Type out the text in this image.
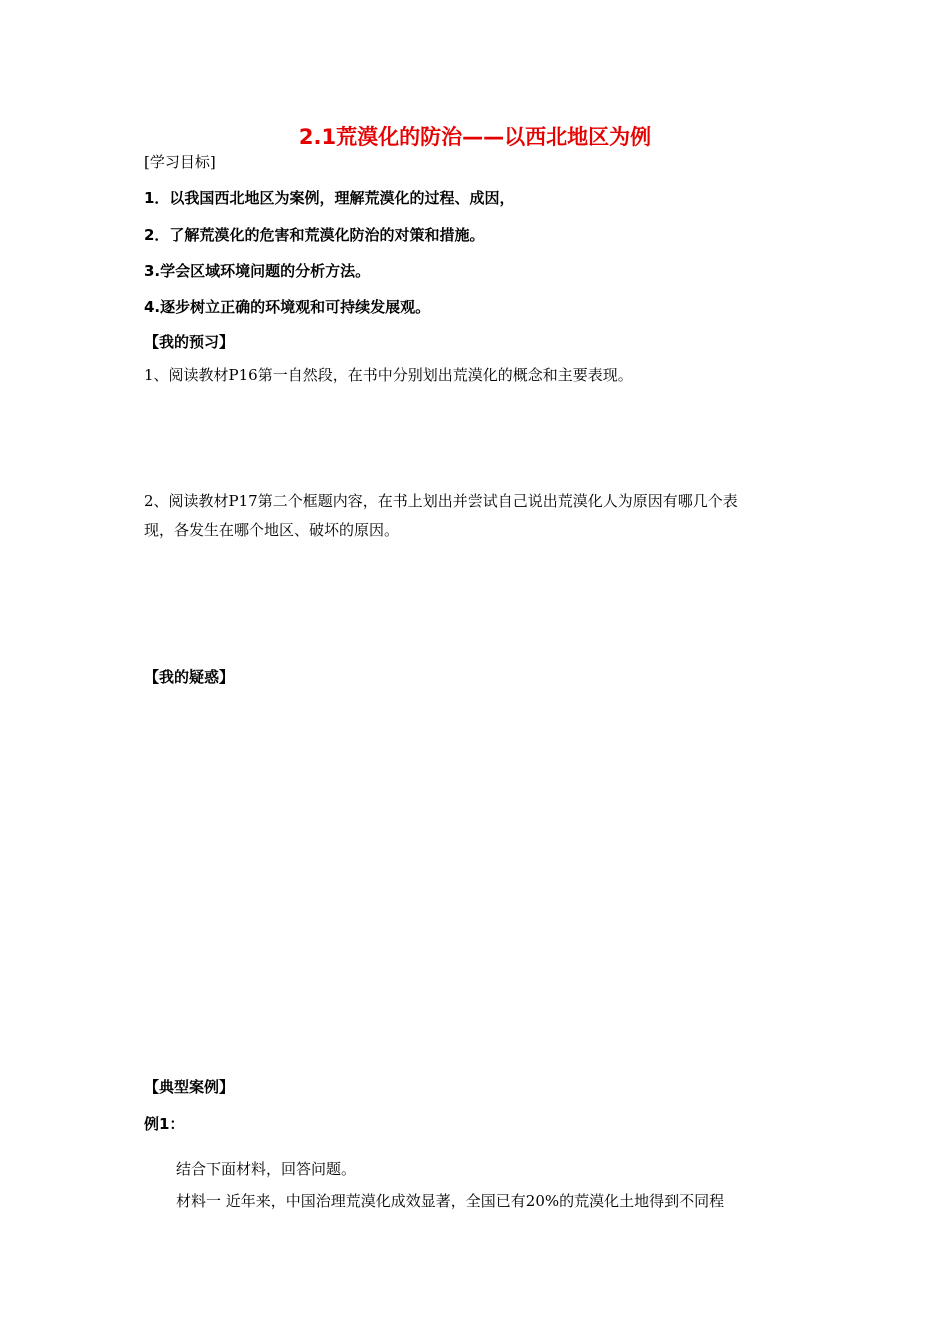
2.1荒漠化的防治——以西北地区为例
[学习目标]
1．以我国西北地区为案例，理解荒漠化的过程、成因，
2．了解荒漠化的危害和荒漠化防治的对策和措施。
3.学会区域环境问题的分析方法。
4.逐步树立正确的环境观和可持续发展观。
【我的预习】
1、阅读教材P16第一自然段，在书中分别划出荒漠化的概念和主要表现。
2、阅读教材P17第二个框题内容，在书上划出并尝试自己说出荒漠化人为原因有哪几个表
现，各发生在哪个地区、破坏的原因。
【我的疑惑】
【典型案例】
例1：
结合下面材料，回答问题。
材料一 近年来，中国治理荒漠化成效显著，全国已有20%的荒漠化土地得到不同程
